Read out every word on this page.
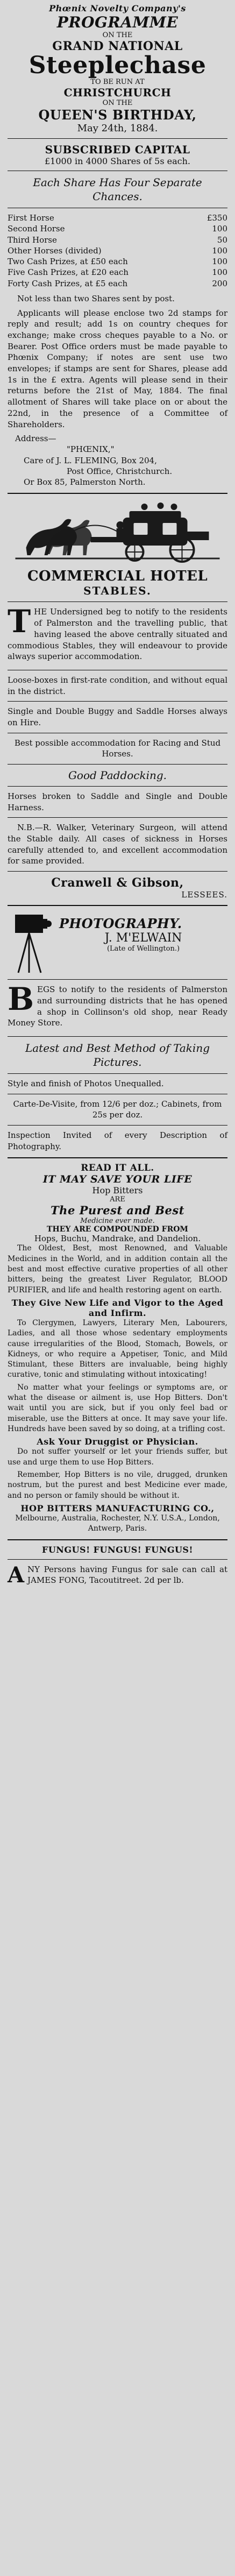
Phœnix Novelty Company's
PROGRAMME
ON THE
GRAND NATIONAL
Steeplechase
TO BE RUN AT
CHRISTCHURCH
ON THE
QUEEN'S BIRTHDAY,
May 24th, 1884.
SUBSCRIBED CAPITAL
£1000 in 4000 Shares of 5s each.
Each Share Has Four Separate Chances.
First Horse	£350
Second Horse	100
Third Horse	50
Other Horses (divided)	100
Two Cash Prizes, at £50 each	100
Five Cash Prizes, at £20 each	100
Forty Cash Prizes, at £5 each	200

Not less than two Shares sent by post.

Applicants will please enclose two 2d stamps for reply and result; add 1s on country cheques for exchange; make cross cheques payable to a No. or Bearer. Post Office orders must be made payable to Phœnix Company; if notes are sent use two envelopes; if stamps are sent for Shares, please add 1s in the £ extra. Agents will please send in their returns before the 21st of May, 1884. The final allotment of Shares will take place on or about the 22nd, in the presence of a Committee of Shareholders.

Address—
"PHŒNIX,"
Care of J. L. FLEMING, Box 204,
Post Office, Christchurch.
Or Box 85, Palmerston North.
COMMERCIAL HOTEL
STABLES.

THE Undersigned beg to notify to the residents of Palmerston and the travelling public, that having leased the above centrally situated and commodious Stables, they will endeavour to provide always superior accommodation.

Loose-boxes in first-rate condition, and without equal in the district.

Single and Double Buggy and Saddle Horses always on Hire.

Best possible accommodation for Racing and Stud Horses.

Good Paddocking.

Horses broken to Saddle and Single and Double Harness.

N.B.—R. Walker, Veterinary Surgeon, will attend the Stable daily. All cases of sickness in Horses carefully attended to, and excellent accommodation for same provided.

Cranwell & Gibson,
LESSEES.
PHOTOGRAPHY.
J. M'ELWAIN
(Late of Wellington.)

BEGS to notify to the residents of Palmerston and surrounding districts that he has opened a shop in Collinson's old shop, near Ready Money Store.

Latest and Best Method of Taking Pictures.

Style and finish of Photos Unequalled.

Carte-De-Visite, from 12/6 per doz.; Cabinets, from 25s per doz.

Inspection Invited of every Description of Photography.

READ IT ALL.
IT MAY SAVE YOUR LIFE
Hop Bitters
ARE
The Purest and Best
Medicine ever made.
THEY ARE COMPOUNDED FROM
Hops, Buchu, Mandrake, and Dandelion.

The Oldest, Best, most Renowned, and Valuable Medicines in the World, and in addition contain all the best and most effective curative properties of all other bitters, being the greatest Liver Regulator, BLOOD PURIFIER, and life and health restoring agent on earth.

They Give New Life and Vigor to the Aged and Infirm.

To Clergymen, Lawyers, Literary Men, Labourers, Ladies, and all those whose sedentary employments cause irregularities of the Blood, Stomach, Bowels, or Kidneys, or who require a Appetiser, Tonic, and Mild Stimulant, these Bitters are invaluable, being highly curative, tonic and stimulating without intoxicating!

No matter what your feelings or symptoms are, or what the disease or ailment is, use Hop Bitters. Don't wait until you are sick, but if you only feel bad or miserable, use the Bitters at once. It may save your life. Hundreds have been saved by so doing, at a trifling cost.

Ask Your Druggist or Physician.

Do not suffer yourself or let your friends suffer, but use and urge them to use Hop Bitters.

Remember, Hop Bitters is no vile, drugged, drunken nostrum, but the purest and best Medicine ever made, and no person or family should be without it.

HOP BITTERS MANUFACTURING CO.,
Melbourne, Australia, Rochester, N.Y. U.S.A., London, Antwerp, Paris.
FUNGUS! FUNGUS! FUNGUS!

ANY Persons having Fungus for sale can call at JAMES FONG, Tacoutitreet. 2d per lb.
